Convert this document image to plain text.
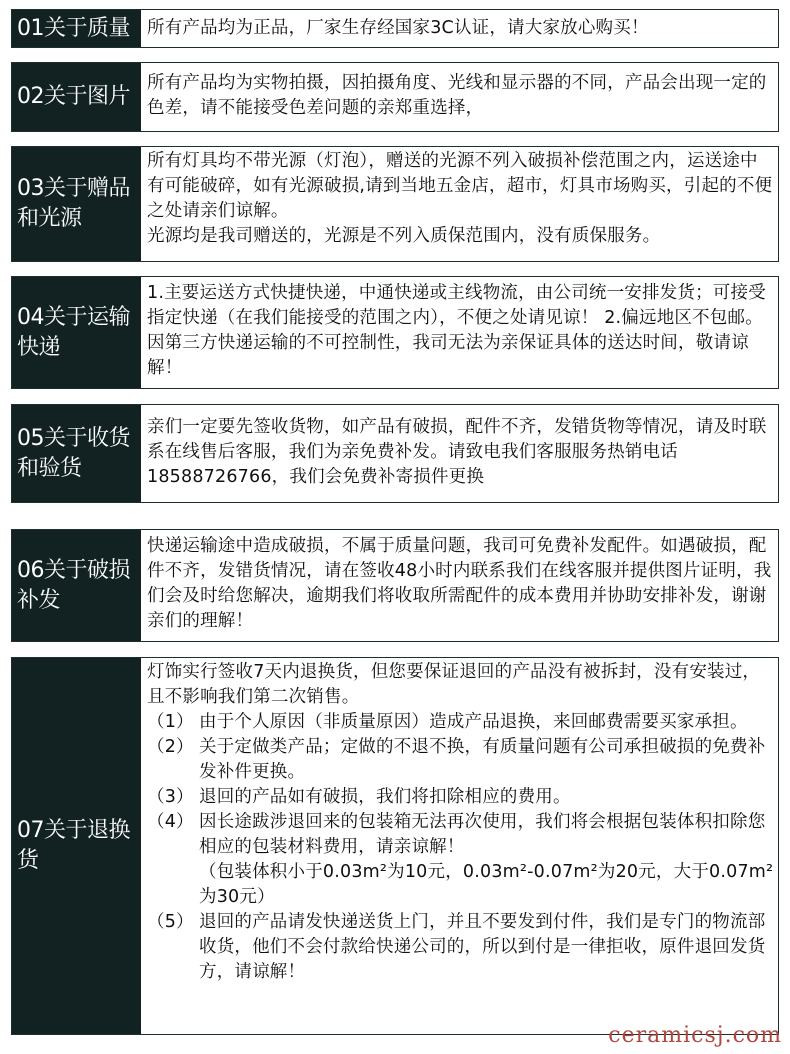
01关于质量 所有产品均为正品，厂家生存经国家3C认证，请大家放心购买！

02关于图片

所有产品均为实物拍摄，因拍摄角度、光线和显示器的不同，产品会出现一定的色差，请不能接受色差问题的亲郑重选择，

03关于赠品和光源

所有灯具均不带光源（灯泡），赠送的光源不列入破损补偿范围之内，运送途中有可能破碎，如有光源破损,请到当地五金店，超市，灯具市场购买，引起的不便之处请亲们谅解。

光源均是我司赠送的，光源是不列入质保范围内，没有质保服务。

04关于运输快递

1.主要运送方式快捷快递，中通快递或主线物流，由公司统一安排发货；可接受指定快递（在我们能接受的范围之内），不便之处请见谅！ 2.偏远地区不包邮。因第三方快递运输的不可控制性，我司无法为亲保证具体的送达时间，敬请谅解！

05关于收货和验货

亲们一定要先签收货物，如产品有破损，配件不齐，发错货物等情况，请及时联系在线售后客服，我们为亲免费补发。请致电我们客服服务热销电话18588726766，我们会免费补寄损件更换

06关于破损补发

快递运输途中造成破损，不属于质量问题，我司可免费补发配件。如遇破损，配件不齐，发错货情况，请在签收48小时内联系我们在线客服并提供图片证明，我们会及时给您解决，逾期我们将收取所需配件的成本费用并协助安排补发，谢谢亲们的理解！

07关于退换货

灯饰实行签收7天内退换货，但您要保证退回的产品没有被拆封，没有安装过，且不影响我们第二次销售。

（1） 由于个人原因（非质量原因）造成产品退换，来回邮费需要买家承担。
（2） 关于定做类产品；定做的不退不换，有质量问题有公司承担破损的免费补发补件更换。
（3） 退回的产品如有破损，我们将扣除相应的费用。
（4） 因长途跋涉退回来的包装箱无法再次使用，我们将会根据包装体积扣除您相应的包装材料费用，请亲谅解！
（包装体积小于0.03m²为10元，0.03m²-0.07m²为20元，大于0.07m²为30元）
（5） 退回的产品请发快递送货上门，并且不要发到付件，我们是专门的物流部收货，他们不会付款给快递公司的，所以到付是一律拒收，原件退回发货方，请谅解！
ceramicsj.com
